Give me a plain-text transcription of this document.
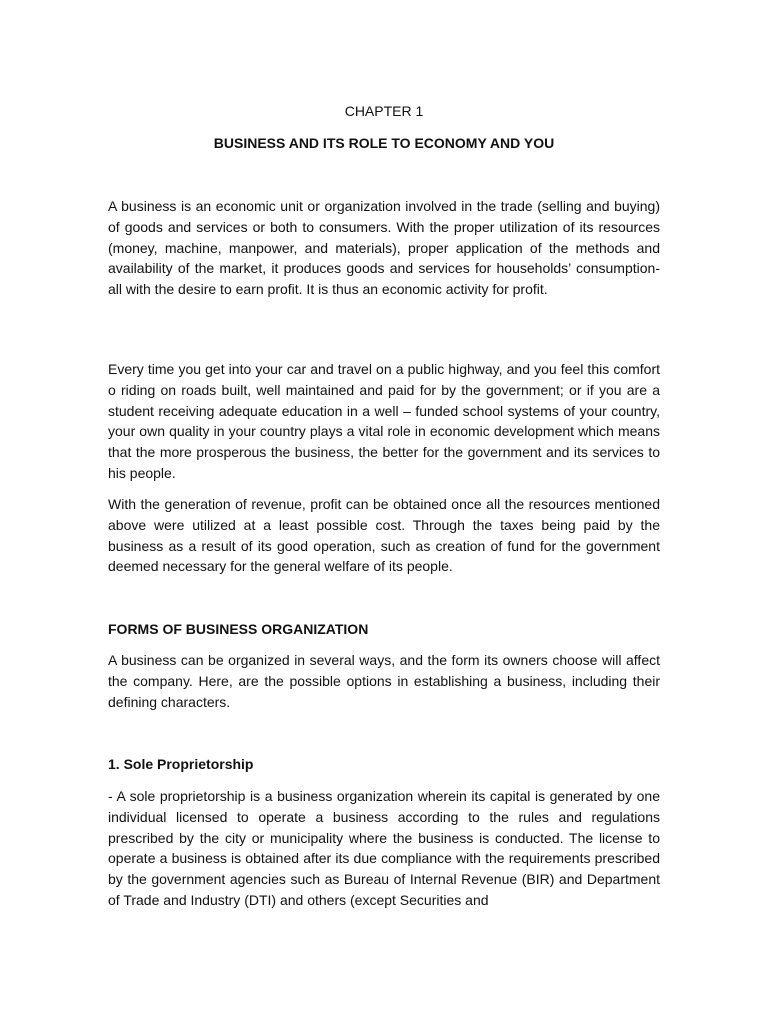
CHAPTER 1
BUSINESS AND ITS ROLE TO ECONOMY AND YOU

A business is an economic unit or organization involved in the trade (selling and buying) of goods and services or both to consumers. With the proper utilization of its resources (money, machine, manpower, and materials), proper application of the methods and availability of the market, it produces goods and services for households’ consumption- all with the desire to earn profit. It is thus an economic activity for profit.

Every time you get into your car and travel on a public highway, and you feel this comfort o riding on roads built, well maintained and paid for by the government; or if you are a student receiving adequate education in a well – funded school systems of your country, your own quality in your country plays a vital role in economic development which means that the more prosperous the business, the better for the government and its services to his people.

With the generation of revenue, profit can be obtained once all the resources mentioned above were utilized at a least possible cost. Through the taxes being paid by the business as a result of its good operation, such as creation of fund for the government deemed necessary for the general welfare of its people.

FORMS OF BUSINESS ORGANIZATION

A business can be organized in several ways, and the form its owners choose will affect the company. Here, are the possible options in establishing a business, including their defining characters.

1. Sole Proprietorship

- A sole proprietorship is a business organization wherein its capital is generated by one individual licensed to operate a business according to the rules and regulations prescribed by the city or municipality where the business is conducted. The license to operate a business is obtained after its due compliance with the requirements prescribed by the government agencies such as Bureau of Internal Revenue (BIR) and Department of Trade and Industry (DTI) and others (except Securities and
